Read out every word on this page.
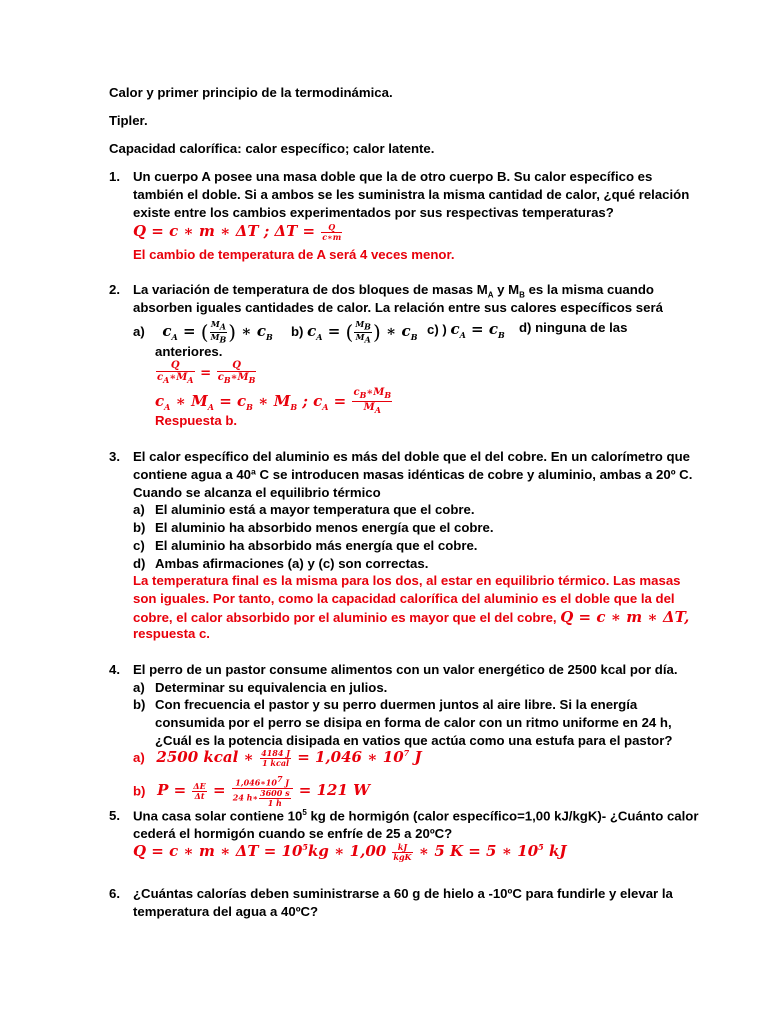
Calor y primer principio de la termodinámica.
Tipler.
Capacidad calorífica: calor específico; calor latente.
1. Un cuerpo A posee una masa doble que la de otro cuerpo B. Su calor específico es
también el doble. Si a ambos se les suministra la misma cantidad de calor, ¿qué relación
existe entre los cambios experimentados por sus respectivas temperaturas?
Q = c ∗ m ∗ ΔT ; $\Delta T = \frac{Q}{c∗m}$
El cambio de temperatura de A será 4 veces menor.
2. La variación de temperatura de dos bloques de masas $M_A$ y $M_B$ es la misma cuando
absorben iguales cantidades de calor. La relación entre sus calores específicos será
a) $c_A$ = ( $\frac{M_A}{M_B}$ ) ∗ $c_B$ b) $c_A$ = ( $\frac{M_B}{M_A}$ ) ∗ $c_B$
c) ) $c_A = c_B$ d) ninguna de las
anteriores.
$\frac{Q}{c_A∗M_A} = \frac{Q}{c_B∗M_B}$
$c_A$ ∗ $M_A = c_B$ ∗ $M_B$ ; $c_A = \frac{c_B∗M_B}{M_A}$
Respuesta b.
3. El calor específico del aluminio es más del doble que el del cobre. En un calorímetro que
contiene agua a 40ª C se introducen masas idénticas de cobre y aluminio, ambas a 20º C.
Cuando se alcanza el equilibrio térmico
a) El aluminio está a mayor temperatura que el cobre.
b) El aluminio ha absorbido menos energía que el cobre.
c) El aluminio ha absorbido más energía que el cobre.
d) Ambas afirmaciones (a) y (c) son correctas.
La temperatura final es la misma para los dos, al estar en equilibrio térmico. Las masas
son iguales. Por tanto, como la capacidad calorífica del aluminio es el doble que la del
cobre, el calor absorbido por el aluminio es mayor que el del cobre, Q = c ∗ m ∗ ΔT,
respuesta c.
4. El perro de un pastor consume alimentos con un valor energético de 2500 kcal por día.
a) Determinar su equivalencia en julios.
b) Con frecuencia el pastor y su perro duermen juntos al aire libre. Si la energía
consumida por el perro se disipa en forma de calor con un ritmo uniforme en 24 h,
¿Cuál es la potencia disipada en vatios que actúa como una estufa para el pastor?
a) 2500 kcal ∗ $\frac{4184 J}{\text{1 kcal}} = 1,046$ ∗ $10^7$ J
b) $P = \frac{\Delta E}{\Delta t} = \frac{1,046∗10^7 J}{24 h∗ \frac{3600 s}{1 h}} = 121$ W
5. Una casa solar contiene $10^5$ kg de hormigón (calor específico=1,00 kJ/kgK)- ¿Cuánto calor
cederá el hormigón cuando se enfríe de 25 a 20ºC?
Q = c ∗ m ∗ $\Delta T = 10^5kg$ ∗ $1,00 \frac{kJ}{\text{kgK}}$ ∗ 5 K = 5 ∗ $10^5$ kJ
6. ¿Cuántas calorías deben suministrarse a 60 g de hielo a -10ºC para fundirle y elevar la
temperatura del agua a 40ºC?
